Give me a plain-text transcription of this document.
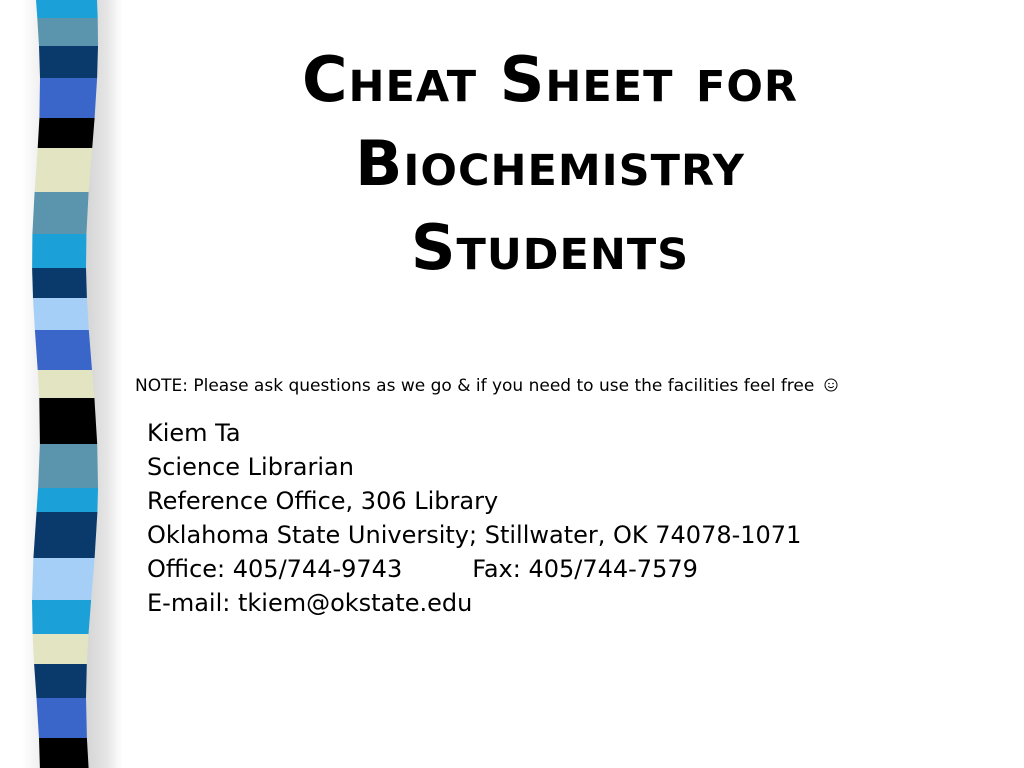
Cheat Sheet for
Biochemistry
Students
NOTE: Please ask questions as we go & if you need to use the facilities feel free
Kiem Ta
Science Librarian
Reference Office, 306 Library
Oklahoma State University; Stillwater, OK 74078-1071
Office: 405/744-9743	Fax: 405/744-7579
E-mail: tkiem@okstate.edu
